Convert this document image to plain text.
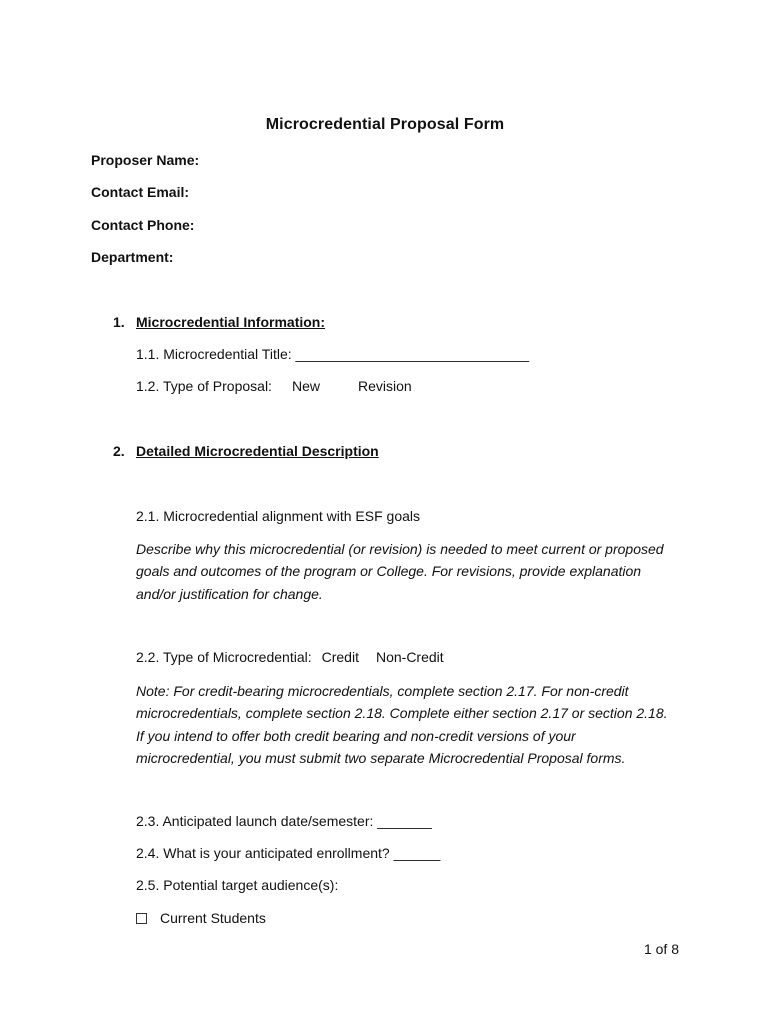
Microcredential Proposal Form
Proposer Name:
Contact Email:
Contact Phone:
Department:
1. Microcredential Information:
1.1. Microcredential Title: ______________________________
1.2. Type of Proposal: New	Revision
2. Detailed Microcredential Description
2.1. Microcredential alignment with ESF goals
Describe why this microcredential (or revision) is needed to meet current or proposed goals and outcomes of the program or College. For revisions, provide explanation and/or justification for change.
2.2. Type of Microcredential: Credit Non-Credit
Note: For credit-bearing microcredentials, complete section 2.17. For non-credit microcredentials, complete section 2.18. Complete either section 2.17 or section 2.18. If you intend to offer both credit bearing and non-credit versions of your microcredential, you must submit two separate Microcredential Proposal forms.
2.3. Anticipated launch date/semester: _______
2.4. What is your anticipated enrollment? ______
2.5. Potential target audience(s):
Current Students
1 of 8
